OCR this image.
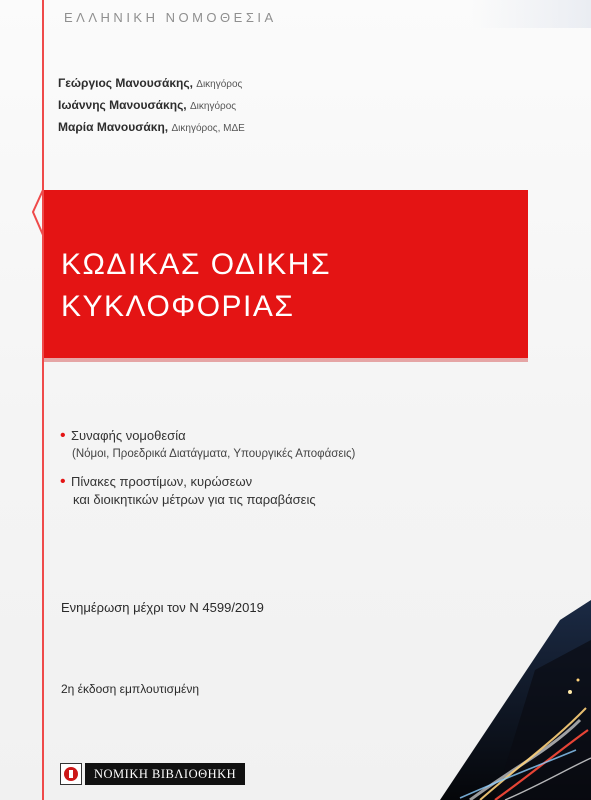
ΕΛΛΗΝΙΚΗ ΝΟΜΟΘΕΣΙΑ
Γεώργιος Μανουσάκης, Δικηγόρος
Ιωάννης Μανουσάκης, Δικηγόρος
Μαρία Μανουσάκη, Δικηγόρος, ΜΔΕ
ΚΩΔΙΚΑΣ ΟΔΙΚΗΣ
ΚΥΚΛΟΦΟΡΙΑΣ
• Συναφής νομοθεσία
(Νόμοι, Προεδρικά Διατάγματα, Υπουργικές Αποφάσεις)
• Πίνακες προστίμων, κυρώσεων
και διοικητικών μέτρων για τις παραβάσεις
Ενημέρωση μέχρι τον Ν 4599/2019
2η έκδοση εμπλουτισμένη
ΝΟΜΙΚΗ ΒΙΒΛΙΟΘΗΚΗ
